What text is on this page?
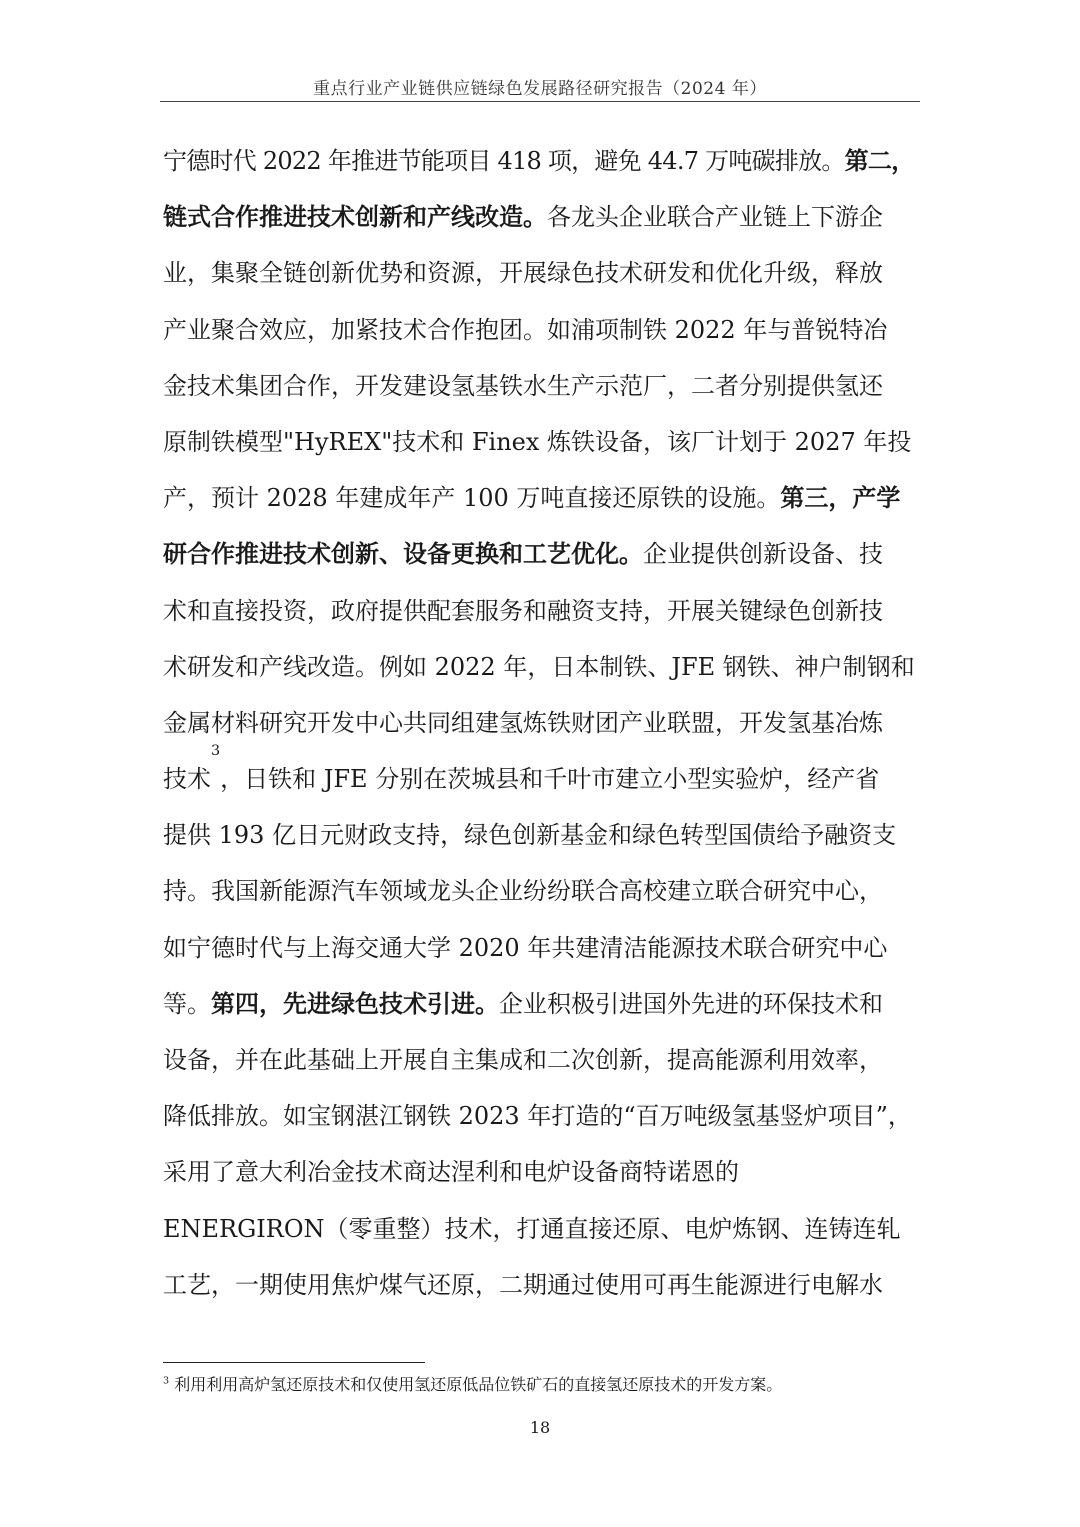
重点行业产业链供应链绿色发展路径研究报告（2024 年）
宁德时代 2022 年推进节能项目 418 项，避免 44.7 万吨碳排放。 第二，
链式合作推进技术创新和产线改造。 各龙头企业联合产业链上下游企
业，集聚全链创新优势和资源，开展绿色技术研发和优化升级，释放
产业聚合效应，加紧技术合作抱团。如浦项制铁 2022 年与普锐特冶
金技术集团合作，开发建设氢基铁水生产示范厂，二者分别提供氢还
原制铁模型"HyREX"技术和 Finex 炼铁设备，该厂计划于 2027 年投
产，预计 2028 年建成年产 100 万吨直接还原铁的设施。 第三，产学
研合作推进技术创新、设备更换和工艺优化。 企业提供创新设备、技
术和直接投资，政府提供配套服务和融资支持，开展关键绿色创新技
术研发和产线改造。例如 2022 年，日本制铁、JFE 钢铁、神户制钢和
金属材料研究开发中心共同组建氢炼铁财团产业联盟，开发氢基冶炼
技术
3
，日铁和 JFE 分别在茨城县和千叶市建立小型实验炉，经产省
提供 193 亿日元财政支持，绿色创新基金和绿色转型国债给予融资支
持。我国新能源汽车领域龙头企业纷纷联合高校建立联合研究中心，
如宁德时代与上海交通大学 2020 年共建清洁能源技术联合研究中心
等。 第四，先进绿色技术引进。 企业积极引进国外先进的环保技术和
设备，并在此基础上开展自主集成和二次创新，提高能源利用效率，
降低排放。如宝钢湛江钢铁 2023 年打造的“百万吨级氢基竖炉项目”，
采用了意大利冶金技术商达涅利和电炉设备商特诺恩的
ENERGIRON（零重整）技术，打通直接还原、电炉炼钢、连铸连轧
工艺，一期使用焦炉煤气还原，二期通过使用可再生能源进行电解水
$^3$ 利用利用高炉氢还原技术和仅使用氢还原低品位铁矿石的直接氢还原技术的开发方案。
18
